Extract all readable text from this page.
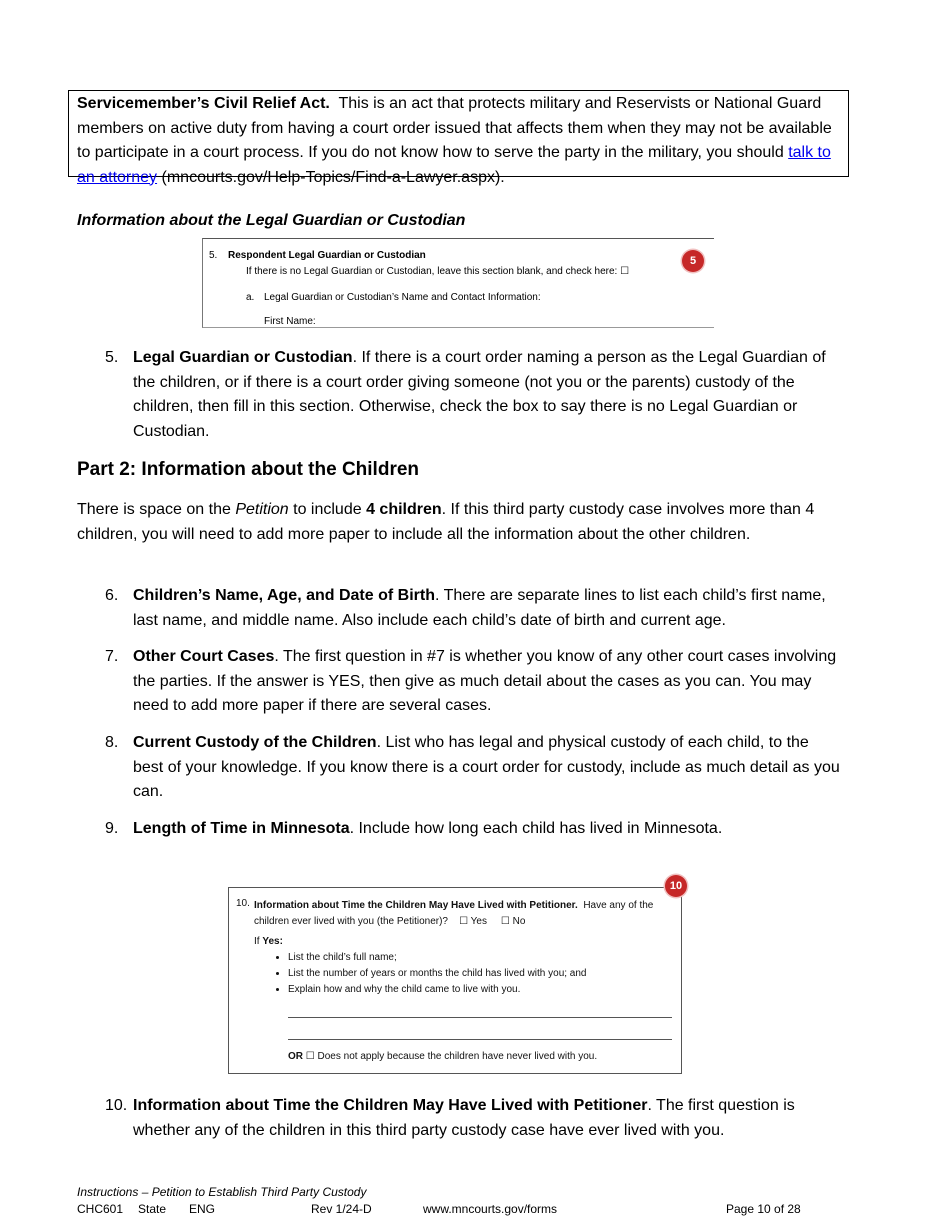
Servicemember’s Civil Relief Act. This is an act that protects military and Reservists or National Guard members on active duty from having a court order issued that affects them when they may not be available to participate in a court process. If you do not know how to serve the party in the military, you should talk to an attorney (mncourts.gov/Help-Topics/Find-a-Lawyer.aspx).
Information about the Legal Guardian or Custodian
5. Respondent Legal Guardian or Custodian
If there is no Legal Guardian or Custodian, leave this section blank, and check here: ☐
a. Legal Guardian or Custodian’s Name and Contact Information:
First Name:
5
5. Legal Guardian or Custodian. If there is a court order naming a person as the Legal Guardian of the children, or if there is a court order giving someone (not you or the parents) custody of the children, then fill in this section. Otherwise, check the box to say there is no Legal Guardian or Custodian.
Part 2: Information about the Children
There is space on the Petition to include 4 children. If this third party custody case involves more than 4 children, you will need to add more paper to include all the information about the other children.
6. Children’s Name, Age, and Date of Birth. There are separate lines to list each child’s first name, last name, and middle name. Also include each child’s date of birth and current age.
7. Other Court Cases. The first question in #7 is whether you know of any other court cases involving the parties. If the answer is YES, then give as much detail about the cases as you can. You may need to add more paper if there are several cases.
8. Current Custody of the Children. List who has legal and physical custody of each child, to the best of your knowledge. If you know there is a court order for custody, include as much detail as you can.
9. Length of Time in Minnesota. Include how long each child has lived in Minnesota.
10
10. Information about Time the Children May Have Lived with Petitioner. Have any of the children ever lived with you (the Petitioner)? ☐ Yes ☐ No
If Yes:
• List the child’s full name;
• List the number of years or months the child has lived with you; and
• Explain how and why the child came to live with you.
OR ☐ Does not apply because the children have never lived with you.
10. Information about Time the Children May Have Lived with Petitioner. The first question is whether any of the children in this third party custody case have ever lived with you.
Instructions – Petition to Establish Third Party Custody
CHC601 State ENG	Rev 1/24-D	www.mncourts.gov/forms	Page 10 of 28
